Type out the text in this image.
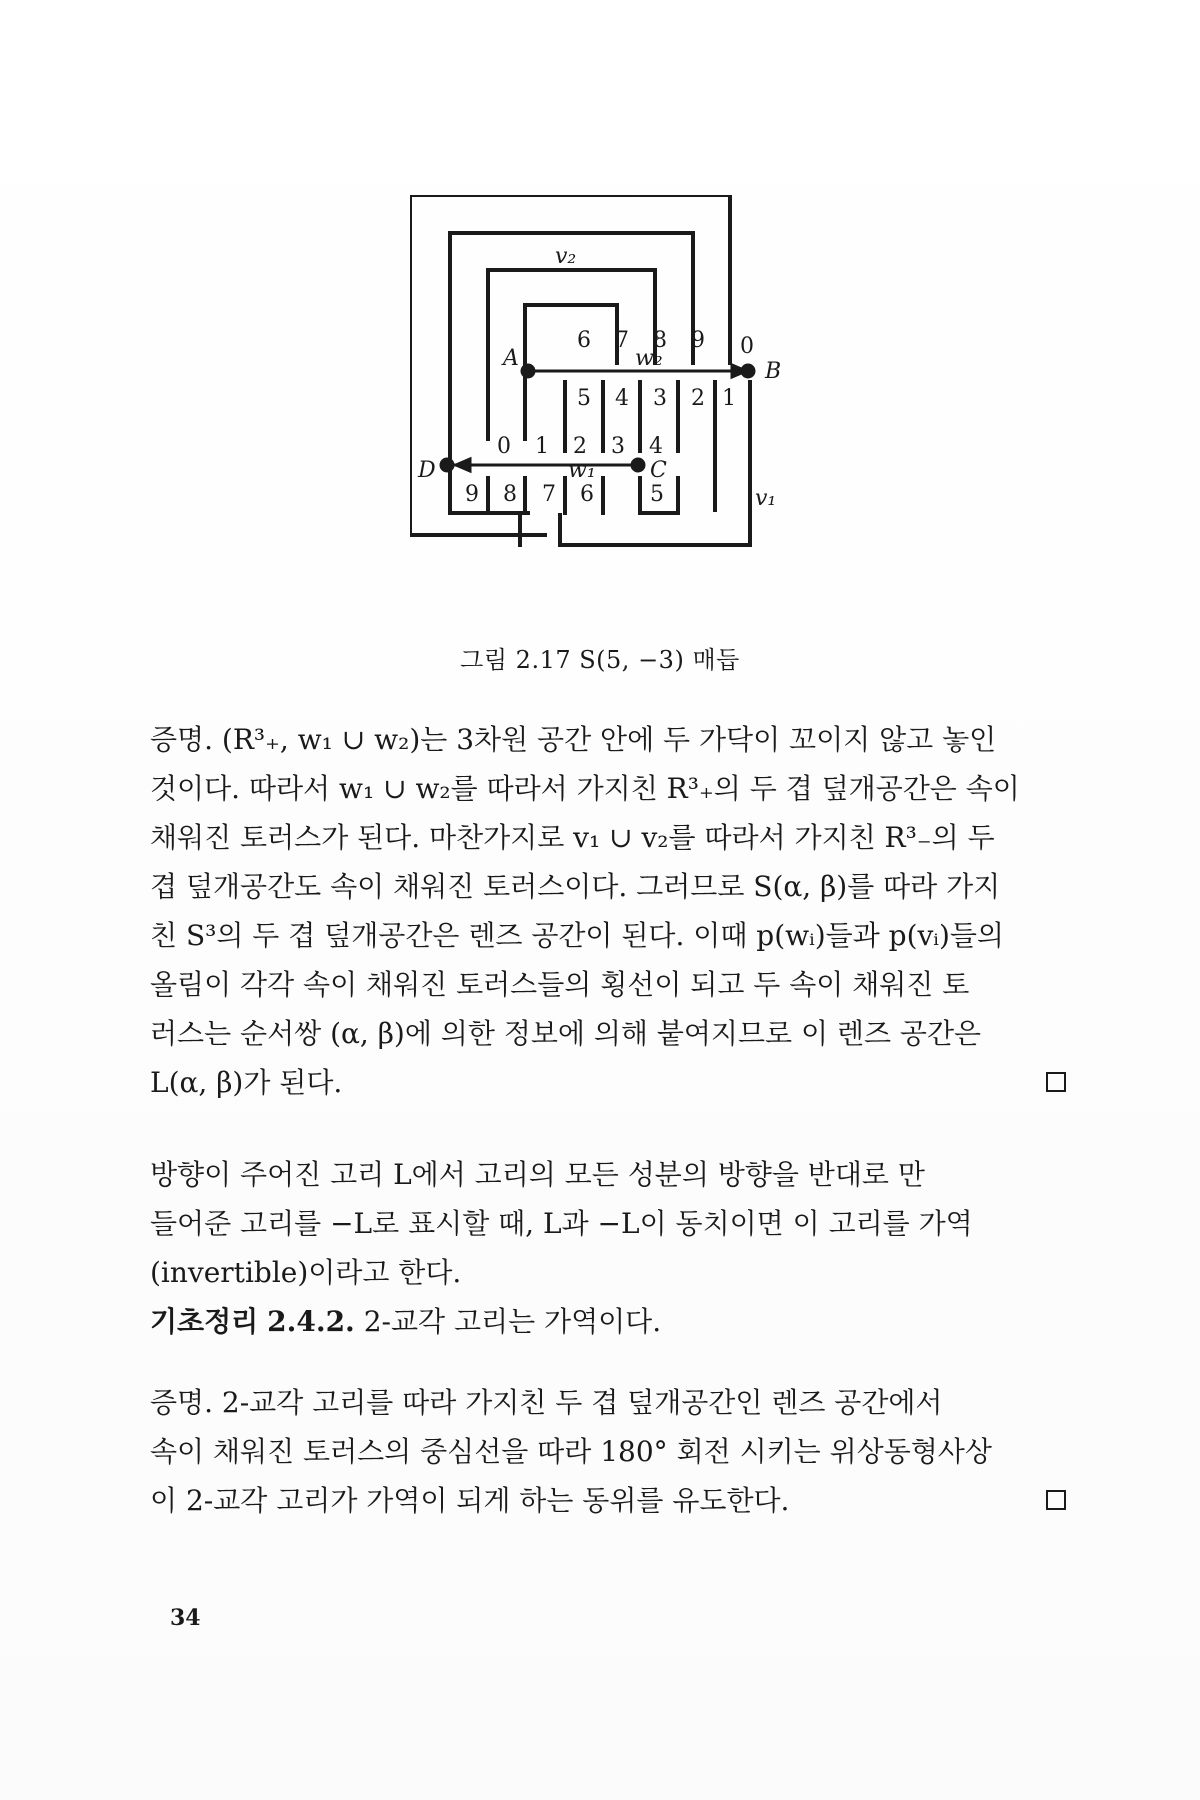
v₂
v₁
w₂
w₁
A
B
C
D
6 7 8 9 0
5 4 3 2 1
0 1 2 3 4
9 8 7 6	5
그림 2.17 S(5, −3) 매듭

증명. (R³₊, w₁ ∪ w₂)는 3차원 공간 안에 두 가닥이 꼬이지 않고 놓인

것이다. 따라서 w₁ ∪ w₂를 따라서 가지친 R³₊의 두 겹 덮개공간은 속이

채워진 토러스가 된다. 마찬가지로 v₁ ∪ v₂를 따라서 가지친 R³₋의 두

겹 덮개공간도 속이 채워진 토러스이다. 그러므로 S(α, β)를 따라 가지

친 S³의 두 겹 덮개공간은 렌즈 공간이 된다. 이때 p(wᵢ)들과 p(vᵢ)들의

올림이 각각 속이 채워진 토러스들의 횡선이 되고 두 속이 채워진 토

러스는 순서쌍 (α, β)에 의한 정보에 의해 붙여지므로 이 렌즈 공간은

L(α, β)가 된다.

방향이 주어진 고리 L에서 고리의 모든 성분의 방향을 반대로 만

들어준 고리를 −L로 표시할 때, L과 −L이 동치이면 이 고리를 가역

(invertible)이라고 한다.

기초정리 2.4.2. 2-교각 고리는 가역이다.

증명. 2-교각 고리를 따라 가지친 두 겹 덮개공간인 렌즈 공간에서

속이 채워진 토러스의 중심선을 따라 180° 회전 시키는 위상동형사상

이 2-교각 고리가 가역이 되게 하는 동위를 유도한다.

34
